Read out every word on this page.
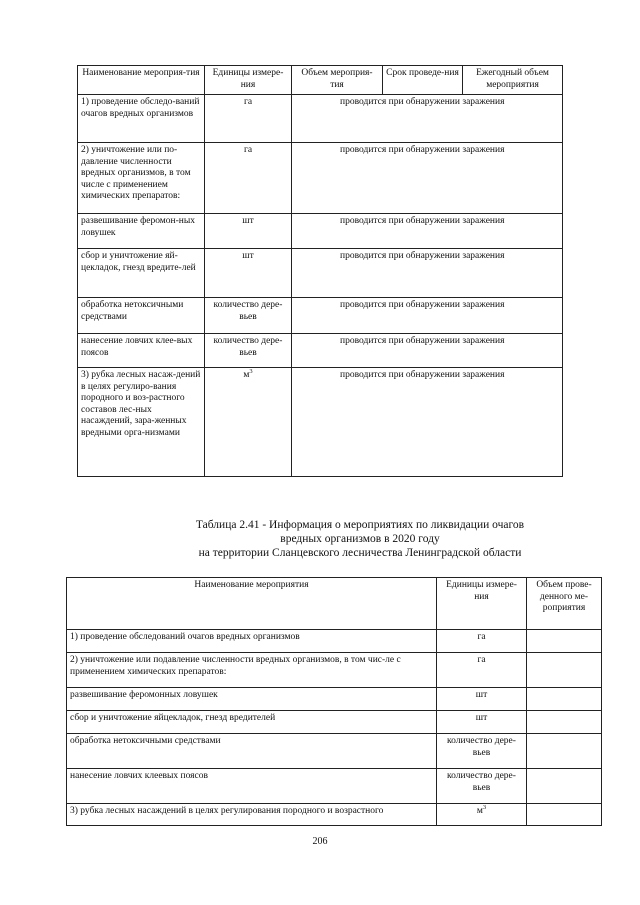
Наименование мероприя-тия	Единицы измере-ния	Объем мероприя-тия	Срок проведе-ния	Ежегодный объем мероприятия
1) проведение обследо-ваний очагов вредных организмов	га	проводится при обнаружении заражения		
2) уничтожение или по-давление численности вредных организмов, в том числе с применением химических препаратов:	га	проводится при обнаружении заражения		
развешивание феромон-ных ловушек	шт	проводится при обнаружении заражения		
сбор и уничтожение яй-цекладок, гнезд вредите-лей	шт	проводится при обнаружении заражения		
обработка нетоксичными средствами	количество дере-вьев	проводится при обнаружении заражения		
нанесение ловчих клее-вых поясов	количество дере-вьев	проводится при обнаружении заражения		
3) рубка лесных насаж-дений в целях регулиро-вания породного и воз-растного составов лес-ных насаждений, зара-женных вредными орга-низмами	$м^3$	проводится при обнаружении заражения		
Таблица 2.41 - Информация о мероприятиях по ликвидации очагов
вредных организмов в 2020 году
на территории Сланцевского лесничества Ленинградской области
Наименование мероприятия	Единицы измере-ния	Объем прове-денного ме-роприятия
1) проведение обследований очагов вредных организмов	га	
2) уничтожение или подавление численности вредных организмов, в том чис-ле с применением химических препаратов:	га	
развешивание феромонных ловушек	шт	
сбор и уничтожение яйцекладок, гнезд вредителей	шт	
обработка нетоксичными средствами	количество дере-вьев	
нанесение ловчих клеевых поясов	количество дере-вьев	
3) рубка лесных насаждений в целях регулирования породного и возрастного	$м^3$	
206
